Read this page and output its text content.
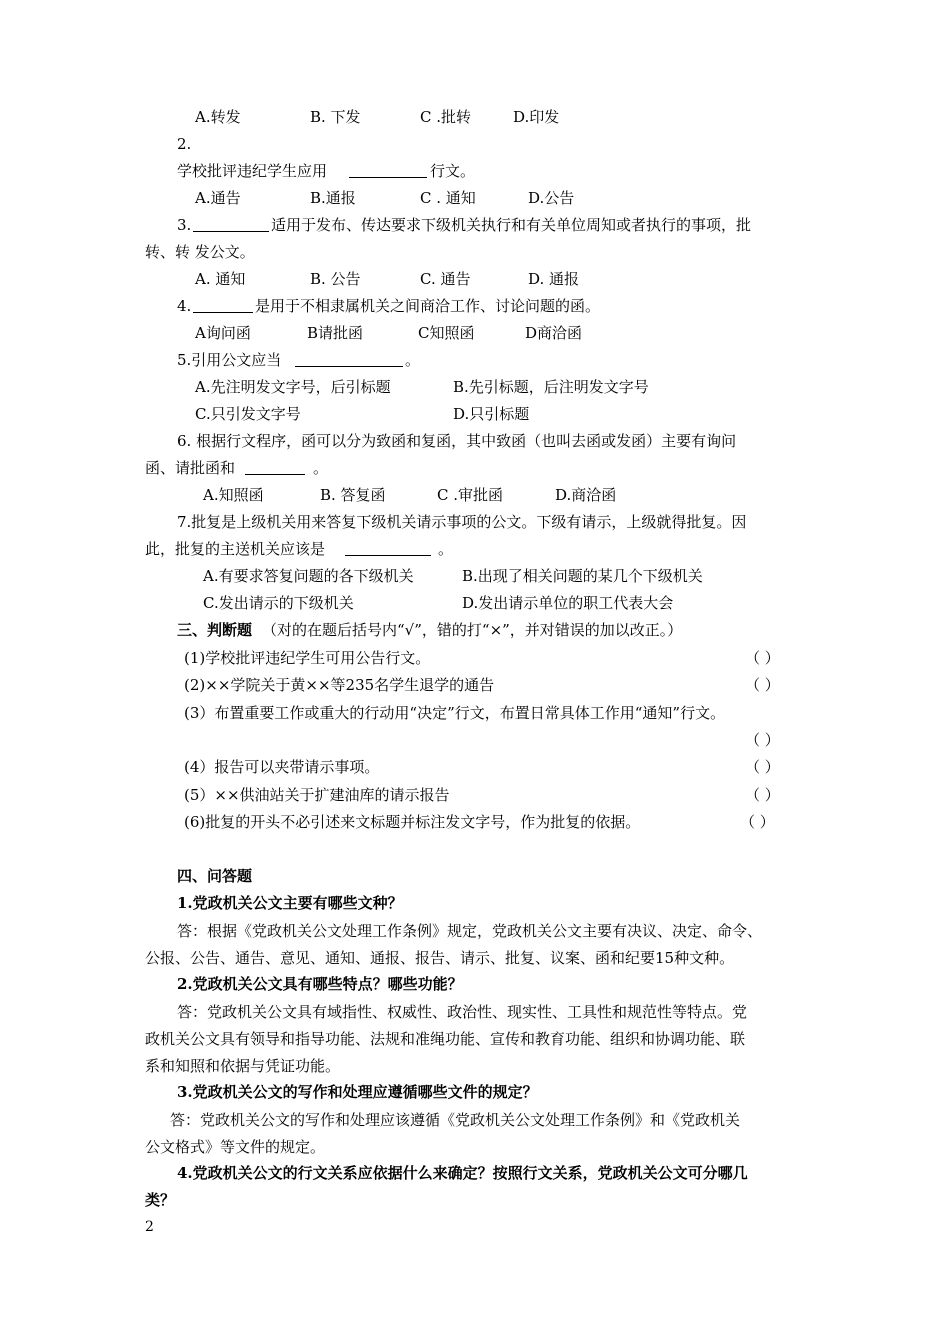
A.转发	B. 下发	C .批转	D.印发
2.
学校批评违纪学生应用	行文。
A.通告	B.通报	C . 通知	D.公告
3.	适用于发布、传达要求下级机关执行和有关单位周知或者执行的事项，批
转、转 发公文。
A. 通知	B. 公告	C. 通告	D. 通报
4.	是用于不相隶属机关之间商洽工作、讨论问题的函。
A询问函	B请批函	C知照函	D商洽函
5.引用公文应当	。
A.先注明发文字号，后引标题	B.先引标题，后注明发文字号
C.只引发文字号	D.只引标题
6. 根据行文程序，函可以分为致函和复函，其中致函（也叫去函或发函）主要有询问
函、请批函和	。
A.知照函	B. 答复函	C .审批函	D.商洽函
7.批复是上级机关用来答复下级机关请示事项的公文。下级有请示，上级就得批复。因
此，批复的主送机关应该是	。
A.有要求答复问题的各下级机关	B.出现了相关问题的某几个下级机关
C.发出请示的下级机关	D.发出请示单位的职工代表大会
三、判断题 （对的在题后括号内“√”，错的打“×”，并对错误的加以改正。）
(1)学校批评违纪学生可用公告行文。	（ ）
(2)××学院关于黄××等235名学生退学的通告	（ ）
(3）布置重要工作或重大的行动用“决定”行文，布置日常具体工作用“通知”行文。
（ ）
(4）报告可以夹带请示事项。	（ ）
(5）××供油站关于扩建油库的请示报告	（ ）
(6)批复的开头不必引述来文标题并标注发文字号，作为批复的依据。	（ ）
四、问答题
1.党政机关公文主要有哪些文种？
答：根据《党政机关公文处理工作条例》规定，党政机关公文主要有决议、决定、命令、
公报、公告、通告、意见、通知、通报、报告、请示、批复、议案、函和纪要15种文种。
2.党政机关公文具有哪些特点？哪些功能？
答：党政机关公文具有域指性、权威性、政治性、现实性、工具性和规范性等特点。党
政机关公文具有领导和指导功能、法规和准绳功能、宣传和教育功能、组织和协调功能、联
系和知照和依据与凭证功能。
3.党政机关公文的写作和处理应遵循哪些文件的规定？
答：党政机关公文的写作和处理应该遵循《党政机关公文处理工作条例》和《党政机关
公文格式》等文件的规定。
4.党政机关公文的行文关系应依据什么来确定？按照行文关系，党政机关公文可分哪几
类？
2
